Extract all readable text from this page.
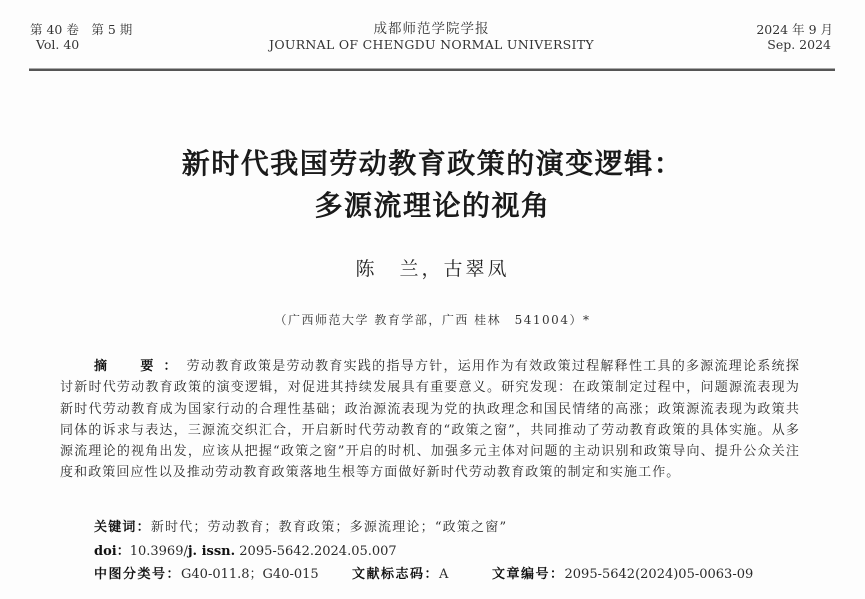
第 40 卷　第 5 期
Vol. 40
成都师范学院学报
JOURNAL OF CHENGDU NORMAL UNIVERSITY
2024 年 9 月
Sep. 2024
新时代我国劳动教育政策的演变逻辑：
多源流理论的视角
陈　兰，古翠凤
（广西师范大学 教育学部，广西 桂林　541004）*
摘　要：劳动教育政策是劳动教育实践的指导方针，运用作为有效政策过程解释性工具的多源流理论系统探讨新时代劳动教育政策的演变逻辑，对促进其持续发展具有重要意义。研究发现：在政策制定过程中，问题源流表现为新时代劳动教育成为国家行动的合理性基础；政治源流表现为党的执政理念和国民情绪的高涨；政策源流表现为政策共同体的诉求与表达，三源流交织汇合，开启新时代劳动教育的“政策之窗”，共同推动了劳动教育政策的具体实施。从多源流理论的视角出发，应该从把握“政策之窗”开启的时机、加强多元主体对问题的主动识别和政策导向、提升公众关注度和政策回应性以及推动劳动教育政策落地生根等方面做好新时代劳动教育政策的制定和实施工作。
关键词：新时代；劳动教育；教育政策；多源流理论；“政策之窗”
doi：10.3969/j. issn. 2095-5642.2024.05.007
中图分类号：G40-011.8；G40-015	文献标志码：A	文章编号：2095-5642(2024)05-0063-09
